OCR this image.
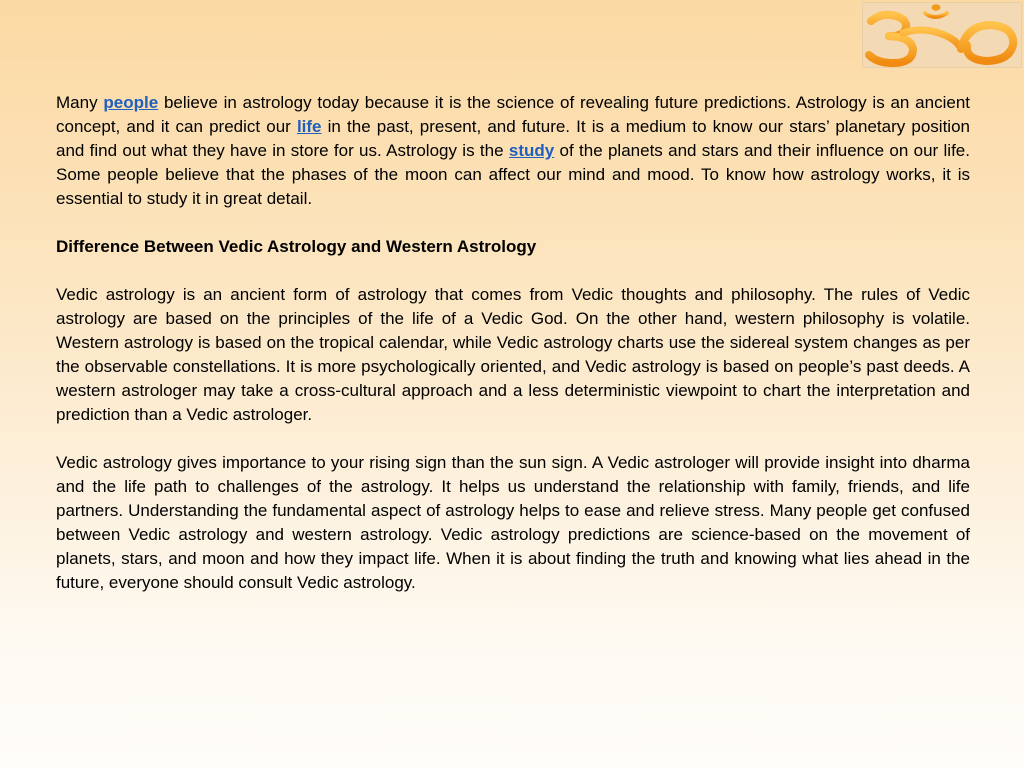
Many people believe in astrology today because it is the science of revealing future predictions. Astrology is an ancient concept, and it can predict our life in the past, present, and future. It is a medium to know our stars’ planetary position and find out what they have in store for us. Astrology is the study of the planets and stars and their influence on our life. Some people believe that the phases of the moon can affect our mind and mood. To know how astrology works, it is essential to study it in great detail.

Difference Between Vedic Astrology and Western Astrology

Vedic astrology is an ancient form of astrology that comes from Vedic thoughts and philosophy. The rules of Vedic astrology are based on the principles of the life of a Vedic God. On the other hand, western philosophy is volatile. Western astrology is based on the tropical calendar, while Vedic astrology charts use the sidereal system changes as per the observable constellations. It is more psychologically oriented, and Vedic astrology is based on people’s past deeds. A western astrologer may take a cross-cultural approach and a less deterministic viewpoint to chart the interpretation and prediction than a Vedic astrologer.

Vedic astrology gives importance to your rising sign than the sun sign. A Vedic astrologer will provide insight into dharma and the life path to challenges of the astrology. It helps us understand the relationship with family, friends, and life partners. Understanding the fundamental aspect of astrology helps to ease and relieve stress. Many people get confused between Vedic astrology and western astrology. Vedic astrology predictions are science-based on the movement of planets, stars, and moon and how they impact life. When it is about finding the truth and knowing what lies ahead in the future, everyone should consult Vedic astrology.
